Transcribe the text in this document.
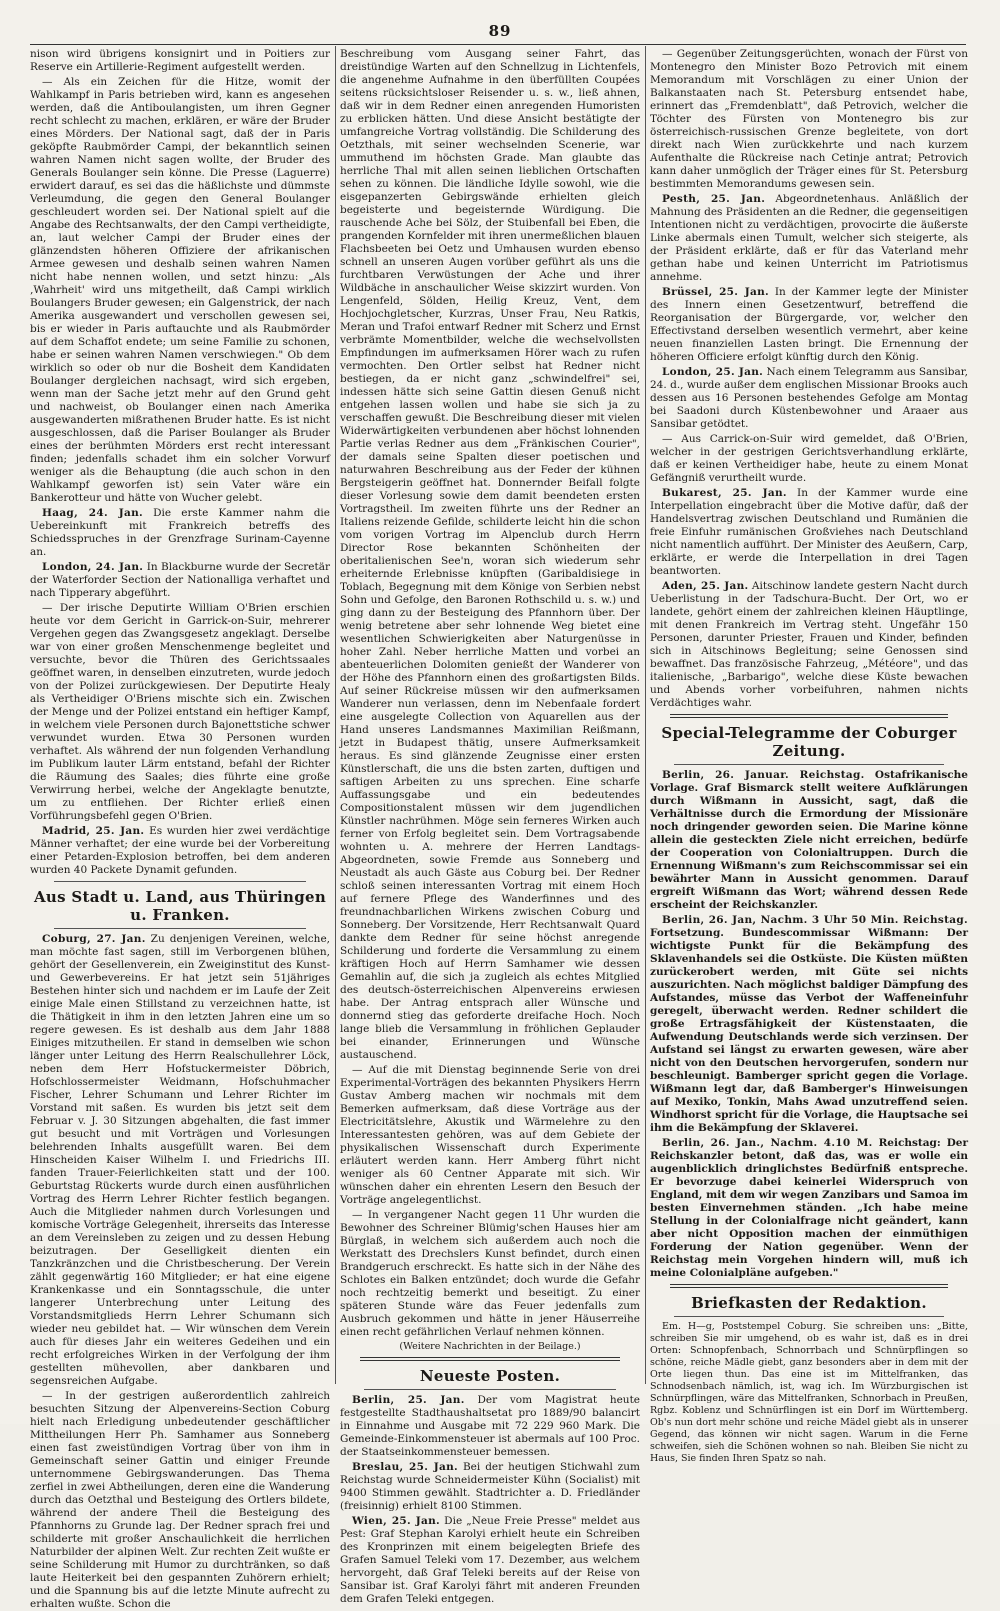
89

nison wird übrigens konsignirt und in Poitiers zur Reserve ein Artillerie-Regiment aufgestellt werden.

— Als ein Zeichen für die Hitze, womit der Wahlkampf in Paris betrieben wird, kann es angesehen werden, daß die Antiboulangisten, um ihren Gegner recht schlecht zu machen, erklären, er wäre der Bruder eines Mörders. Der National sagt, daß der in Paris geköpfte Raubmörder Campi, der bekanntlich seinen wahren Namen nicht sagen wollte, der Bruder des Generals Boulanger sein könne. Die Presse (Laguerre) erwidert darauf, es sei das die häßlichste und dümmste Verleumdung, die gegen den General Boulanger geschleudert worden sei. Der National spielt auf die Angabe des Rechtsanwalts, der den Campi vertheidigte, an, laut welcher Campi der Bruder eines der glänzendsten höheren Offiziere der afrikanischen Armee gewesen und deshalb seinen wahren Namen nicht habe nennen wollen, und setzt hinzu: „Als ‚Wahrheit' wird uns mitgetheilt, daß Campi wirklich Boulangers Bruder gewesen; ein Galgenstrick, der nach Amerika ausgewandert und verschollen gewesen sei, bis er wieder in Paris auftauchte und als Raubmörder auf dem Schaffot endete; um seine Familie zu schonen, habe er seinen wahren Namen verschwiegen." Ob dem wirklich so oder ob nur die Bosheit dem Kandidaten Boulanger dergleichen nachsagt, wird sich ergeben, wenn man der Sache jetzt mehr auf den Grund geht und nachweist, ob Boulanger einen nach Amerika ausgewanderten mißrathenen Bruder hatte. Es ist nicht ausgeschlossen, daß die Pariser Boulanger als Bruder eines der berühmten Mörders erst recht interessant finden; jedenfalls schadet ihm ein solcher Vorwurf weniger als die Behauptung (die auch schon in den Wahlkampf geworfen ist) sein Vater wäre ein Bankerotteur und hätte von Wucher gelebt.

Haag, 24. Jan. Die erste Kammer nahm die Uebereinkunft mit Frankreich betreffs des Schiedsspruches in der Grenzfrage Surinam-Cayenne an.

London, 24. Jan. In Blackburne wurde der Secretär der Waterforder Section der Nationalliga verhaftet und nach Tipperary abgeführt.

— Der irische Deputirte William O'Brien erschien heute vor dem Gericht in Garrick-on-Suir, mehrerer Vergehen gegen das Zwangsgesetz angeklagt. Derselbe war von einer großen Menschenmenge begleitet und versuchte, bevor die Thüren des Gerichtssaales geöffnet waren, in denselben einzutreten, wurde jedoch von der Polizei zurückgewiesen. Der Deputirte Healy als Vertheidiger O'Briens mischte sich ein. Zwischen der Menge und der Polizei entstand ein heftiger Kampf, in welchem viele Personen durch Bajonettstiche schwer verwundet wurden. Etwa 30 Personen wurden verhaftet. Als während der nun folgenden Verhandlung im Publikum lauter Lärm entstand, befahl der Richter die Räumung des Saales; dies führte eine große Verwirrung herbei, welche der Angeklagte benutzte, um zu entfliehen. Der Richter erließ einen Vorführungsbefehl gegen O'Brien.

Madrid, 25. Jan. Es wurden hier zwei verdächtige Männer verhaftet; der eine wurde bei der Vorbereitung einer Petarden-Explosion betroffen, bei dem anderen wurden 40 Packete Dynamit gefunden.

Aus Stadt u. Land, aus Thüringen u. Franken.

Coburg, 27. Jan. Zu denjenigen Vereinen, welche, man möchte fast sagen, still im Verborgenen blühen, gehört der Gesellenverein, ein Zweiginstitut des Kunst- und Gewerbevereins. Er hat jetzt sein 51jähriges Bestehen hinter sich und nachdem er im Laufe der Zeit einige Male einen Stillstand zu verzeichnen hatte, ist die Thätigkeit in ihm in den letzten Jahren eine um so regere gewesen. Es ist deshalb aus dem Jahr 1888 Einiges mitzutheilen. Er stand in demselben wie schon länger unter Leitung des Herrn Realschullehrer Löck, neben dem Herr Hofstuckermeister Döbrich, Hofschlossermeister Weidmann, Hofschuhmacher Fischer, Lehrer Schumann und Lehrer Richter im Vorstand mit saßen. Es wurden bis jetzt seit dem Februar v. J. 30 Sitzungen abgehalten, die fast immer gut besucht und mit Vorträgen und Vorlesungen belehrenden Inhalts ausgefüllt waren. Bei dem Hinscheiden Kaiser Wilhelm I. und Friedrichs III. fanden Trauer-Feierlichkeiten statt und der 100. Geburtstag Rückerts wurde durch einen ausführlichen Vortrag des Herrn Lehrer Richter festlich begangen. Auch die Mitglieder nahmen durch Vorlesungen und komische Vorträge Gelegenheit, ihrerseits das Interesse an dem Vereinsleben zu zeigen und zu dessen Hebung beizutragen. Der Geselligkeit dienten ein Tanzkränzchen und die Christbescherung. Der Verein zählt gegenwärtig 160 Mitglieder; er hat eine eigene Krankenkasse und ein Sonntagsschule, die unter langerer Unterbrechung unter Leitung des Vorstandsmitglieds Herrn Lehrer Schumann sich wieder neu gebildet hat. — Wir wünschen dem Verein auch für dieses Jahr ein weiteres Gedeihen und ein recht erfolgreiches Wirken in der Verfolgung der ihm gestellten mühevollen, aber dankbaren und segensreichen Aufgabe.

— In der gestrigen außerordentlich zahlreich besuchten Sitzung der Alpenvereins-Section Coburg hielt nach Erledigung unbedeutender geschäftlicher Mittheilungen Herr Ph. Samhamer aus Sonneberg einen fast zweistündigen Vortrag über von ihm in Gemeinschaft seiner Gattin und einiger Freunde unternommene Gebirgswanderungen. Das Thema zerfiel in zwei Abtheilungen, deren eine die Wanderung durch das Oetzthal und Besteigung des Ortlers bildete, während der andere Theil die Besteigung des Pfannhorns zu Grunde lag. Der Redner sprach frei und schilderte mit großer Anschaulichkeit die herrlichen Naturbilder der alpinen Welt. Zur rechten Zeit wußte er seine Schilderung mit Humor zu durchtränken, so daß laute Heiterkeit bei den gespannten Zuhörern erhielt; und die Spannung bis auf die letzte Minute aufrecht zu erhalten wußte. Schon die

Beschreibung vom Ausgang seiner Fahrt, das dreistündige Warten auf den Schnellzug in Lichtenfels, die angenehme Aufnahme in den überfüllten Coupées seitens rücksichtsloser Reisender u. s. w., ließ ahnen, daß wir in dem Redner einen anregenden Humoristen zu erblicken hätten. Und diese Ansicht bestätigte der umfangreiche Vortrag vollständig. Die Schilderung des Oetzthals, mit seiner wechselnden Scenerie, war ummuthend im höchsten Grade. Man glaubte das herrliche Thal mit allen seinen lieblichen Ortschaften sehen zu können. Die ländliche Idylle sowohl, wie die eisgepanzerten Gebirgswände erhielten gleich begeisterte und begeisternde Würdigung. Die rauschende Ache bei Sölz, der Stuibenfall bei Eben, die prangenden Kornfelder mit ihren unermeßlichen blauen Flachsbeeten bei Oetz und Umhausen wurden ebenso schnell an unseren Augen vorüber geführt als uns die furchtbaren Verwüstungen der Ache und ihrer Wildbäche in anschaulicher Weise skizzirt wurden. Von Lengenfeld, Sölden, Heilig Kreuz, Vent, dem Hochjochgletscher, Kurzras, Unser Frau, Neu Ratkis, Meran und Trafoi entwarf Redner mit Scherz und Ernst verbrämte Momentbilder, welche die wechselvollsten Empfindungen im aufmerksamen Hörer wach zu rufen vermochten. Den Ortler selbst hat Redner nicht bestiegen, da er nicht ganz „schwindelfrei" sei, indessen hätte sich seine Gattin diesen Genuß nicht entgehen lassen wollen und habe sie sich ja zu verschaffen gewußt. Die Beschreibung dieser mit vielen Widerwärtigkeiten verbundenen aber höchst lohnenden Partie verlas Redner aus dem „Fränkischen Courier", der damals seine Spalten dieser poetischen und naturwahren Beschreibung aus der Feder der kühnen Bergsteigerin geöffnet hat. Donnernder Beifall folgte dieser Vorlesung sowie dem damit beendeten ersten Vortragstheil. Im zweiten führte uns der Redner an Italiens reizende Gefilde, schilderte leicht hin die schon vom vorigen Vortrag im Alpenclub durch Herrn Director Rose bekannten Schönheiten der oberitalienischen See'n, woran sich wiederum sehr erheiternde Erlebnisse knüpften (Garibaldisiege in Toblach, Begegnung mit dem Könige von Serbien nebst Sohn und Gefolge, den Baronen Rothschild u. s. w.) und ging dann zu der Besteigung des Pfannhorn über. Der wenig betretene aber sehr lohnende Weg bietet eine wesentlichen Schwierigkeiten aber Naturgenüsse in hoher Zahl. Neber herrliche Matten und vorbei an abenteuerlichen Dolomiten genießt der Wanderer von der Höhe des Pfannhorn einen des großartigsten Bilds. Auf seiner Rückreise müssen wir den aufmerksamen Wanderer nun verlassen, denn im Nebenfaale fordert eine ausgelegte Collection von Aquarellen aus der Hand unseres Landsmannes Maximilian Reißmann, jetzt in Budapest thätig, unsere Aufmerksamkeit heraus. Es sind glänzende Zeugnisse einer ersten Künstlerschaft, die uns die bsten zarten, duftigen und saftigen Arbeiten zu uns sprechen. Eine scharfe Auffassungsgabe und ein bedeutendes Compositionstalent müssen wir dem jugendlichen Künstler nachrühmen. Möge sein ferneres Wirken auch ferner von Erfolg begleitet sein. Dem Vortragsabende wohnten u. A. mehrere der Herren Landtags-Abgeordneten, sowie Fremde aus Sonneberg und Neustadt als auch Gäste aus Coburg bei. Der Redner schloß seinen interessanten Vortrag mit einem Hoch auf fernere Pflege des Wanderfinnes und des freundnachbarlichen Wirkens zwischen Coburg und Sonneberg. Der Vorsitzende, Herr Rechtsanwalt Quard dankte dem Redner für seine höchst anregende Schilderung und forderte die Versammlung zu einem kräftigen Hoch auf Herrn Samhamer wie dessen Gemahlin auf, die sich ja zugleich als echtes Mitglied des deutsch-österreichischen Alpenvereins erwiesen habe. Der Antrag entsprach aller Wünsche und donnernd stieg das geforderte dreifache Hoch. Noch lange blieb die Versammlung in fröhlichen Geplauder bei einander, Erinnerungen und Wünsche austauschend.

— Auf die mit Dienstag beginnende Serie von drei Experimental-Vorträgen des bekannten Physikers Herrn Gustav Amberg machen wir nochmals mit dem Bemerken aufmerksam, daß diese Vorträge aus der Electricitätslehre, Akustik und Wärmelehre zu den Interessantesten gehören, was auf dem Gebiete der physikalischen Wissenschaft durch Experimente erläutert werden kann. Herr Amberg führt nicht weniger als 60 Centner Apparate mit sich. Wir wünschen daher ein ehrenten Lesern den Besuch der Vorträge angelegentlichst.

— In vergangener Nacht gegen 11 Uhr wurden die Bewohner des Schreiner Blümig'schen Hauses hier am Bürglaß, in welchem sich außerdem auch noch die Werkstatt des Drechslers Kunst befindet, durch einen Brandgeruch erschreckt. Es hatte sich in der Nähe des Schlotes ein Balken entzündet; doch wurde die Gefahr noch rechtzeitig bemerkt und beseitigt. Zu einer späteren Stunde wäre das Feuer jedenfalls zum Ausbruch gekommen und hätte in jener Häuserreihe einen recht gefährlichen Verlauf nehmen können.

(Weitere Nachrichten in der Beilage.)

Neueste Posten.

Berlin, 25. Jan. Der vom Magistrat heute festgestellte Stadthaushaltsetat pro 1889/90 balancirt in Einnahme und Ausgabe mit 72 229 960 Mark. Die Gemeinde-Einkommensteuer ist abermals auf 100 Proc. der Staatseinkommensteuer bemessen.

Breslau, 25. Jan. Bei der heutigen Stichwahl zum Reichstag wurde Schneidermeister Kühn (Socialist) mit 9400 Stimmen gewählt. Stadtrichter a. D. Friedländer (freisinnig) erhielt 8100 Stimmen.

Wien, 25. Jan. Die „Neue Freie Presse" meldet aus Pest: Graf Stephan Karolyi erhielt heute ein Schreiben des Kronprinzen mit einem beigelegten Briefe des Grafen Samuel Teleki vom 17. Dezember, aus welchem hervorgeht, daß Graf Teleki bereits auf der Reise von Sansibar ist. Graf Karolyi fährt mit anderen Freunden dem Grafen Teleki entgegen.

— Gegenüber Zeitungsgerüchten, wonach der Fürst von Montenegro den Minister Bozo Petrovich mit einem Memorandum mit Vorschlägen zu einer Union der Balkanstaaten nach St. Petersburg entsendet habe, erinnert das „Fremdenblatt", daß Petrovich, welcher die Töchter des Fürsten von Montenegro bis zur österreichisch-russischen Grenze begleitete, von dort direkt nach Wien zurückkehrte und nach kurzem Aufenthalte die Rückreise nach Cetinje antrat; Petrovich kann daher unmöglich der Träger eines für St. Petersburg bestimmten Memorandums gewesen sein.

Pesth, 25. Jan. Abgeordnetenhaus. Anläßlich der Mahnung des Präsidenten an die Redner, die gegenseitigen Intentionen nicht zu verdächtigen, provocirte die äußerste Linke abermals einen Tumult, welcher sich steigerte, als der Präsident erklärte, daß er für das Vaterland mehr gethan habe und keinen Unterricht im Patriotismus annehme.

Brüssel, 25. Jan. In der Kammer legte der Minister des Innern einen Gesetzentwurf, betreffend die Reorganisation der Bürgergarde, vor, welcher den Effectivstand derselben wesentlich vermehrt, aber keine neuen finanziellen Lasten bringt. Die Ernennung der höheren Officiere erfolgt künftig durch den König.

London, 25. Jan. Nach einem Telegramm aus Sansibar, 24. d., wurde außer dem englischen Missionar Brooks auch dessen aus 16 Personen bestehendes Gefolge am Montag bei Saadoni durch Küstenbewohner und Araaer aus Sansibar getödtet.

— Aus Carrick-on-Suir wird gemeldet, daß O'Brien, welcher in der gestrigen Gerichtsverhandlung erklärte, daß er keinen Vertheidiger habe, heute zu einem Monat Gefängniß verurtheilt wurde.

Bukarest, 25. Jan. In der Kammer wurde eine Interpellation eingebracht über die Motive dafür, daß der Handelsvertrag zwischen Deutschland und Rumänien die freie Einfuhr rumänischen Großviehes nach Deutschland nicht namentlich aufführt. Der Minister des Aeußern, Carp, erklärte, er werde die Interpellation in drei Tagen beantworten.

Aden, 25. Jan. Aitschinow landete gestern Nacht durch Ueberlistung in der Tadschura-Bucht. Der Ort, wo er landete, gehört einem der zahlreichen kleinen Häuptlinge, mit denen Frankreich im Vertrag steht. Ungefähr 150 Personen, darunter Priester, Frauen und Kinder, befinden sich in Aitschinows Begleitung; seine Genossen sind bewaffnet. Das französische Fahrzeug, „Météore", und das italienische, „Barbarigo", welche diese Küste bewachen und Abends vorher vorbeifuhren, nahmen nichts Verdächtiges wahr.

Special-Telegramme der Coburger Zeitung.

Berlin, 26. Januar. Reichstag. Ostafrikanische Vorlage. Graf Bismarck stellt weitere Aufklärungen durch Wißmann in Aussicht, sagt, daß die Verhältnisse durch die Ermordung der Missionäre noch dringender geworden seien. Die Marine könne allein die gesteckten Ziele nicht erreichen, bedürfe der Cooperation von Colonialtruppen. Durch die Ernennung Wißmann's zum Reichscommissar sei ein bewährter Mann in Aussicht genommen. Darauf ergreift Wißmann das Wort; während dessen Rede erscheint der Reichskanzler.

Berlin, 26. Jan, Nachm. 3 Uhr 50 Min. Reichstag. Fortsetzung. Bundescommissar Wißmann: Der wichtigste Punkt für die Bekämpfung des Sklavenhandels sei die Ostküste. Die Küsten müßten zurückerobert werden, mit Güte sei nichts auszurichten. Nach möglichst baldiger Dämpfung des Aufstandes, müsse das Verbot der Waffeneinfuhr geregelt, überwacht werden. Redner schildert die große Ertragsfähigkeit der Küstenstaaten, die Aufwendung Deutschlands werde sich verzinsen. Der Aufstand sei längst zu erwarten gewesen, wäre aber nicht von den Deutschen hervorgerufen, sondern nur beschleunigt. Bamberger spricht gegen die Vorlage. Wißmann legt dar, daß Bamberger's Hinweisungen auf Mexiko, Tonkin, Mahs Awad unzutreffend seien. Windhorst spricht für die Vorlage, die Hauptsache sei ihm die Bekämpfung der Sklaverei.

Berlin, 26. Jan., Nachm. 4.10 M. Reichstag: Der Reichskanzler betont, daß das, was er wolle ein augenblicklich dringlichstes Bedürfniß entspreche. Er bevorzuge dabei keinerlei Widerspruch von England, mit dem wir wegen Zanzibars und Samoa im besten Einvernehmen ständen. „Ich habe meine Stellung in der Colonialfrage nicht geändert, kann aber nicht Opposition machen der einmüthigen Forderung der Nation gegenüber. Wenn der Reichstag mein Vorgehen hindern will, muß ich meine Colonialpläne aufgeben."

Briefkasten der Redaktion.

Em. H—g, Poststempel Coburg. Sie schreiben uns: „Bitte, schreiben Sie mir umgehend, ob es wahr ist, daß es in drei Orten: Schnopfenbach, Schnorrbach und Schnürpflingen so schöne, reiche Mädle giebt, ganz besonders aber in dem mit der Orte liegen thun. Das eine ist im Mittelfranken, das Schnodsenbach nämlich, ist, wag ich. Im Würzburgischen ist Schnürpflingen, wäre das Mittelfranken, Schnorbach in Preußen, Rgbz. Koblenz und Schnürflingen ist ein Dorf im Württemberg. Ob's nun dort mehr schöne und reiche Mädel giebt als in unserer Gegend, das können wir nicht sagen. Warum in die Ferne schweifen, sieh die Schönen wohnen so nah. Bleiben Sie nicht zu Haus, Sie finden Ihren Spatz so nah.
